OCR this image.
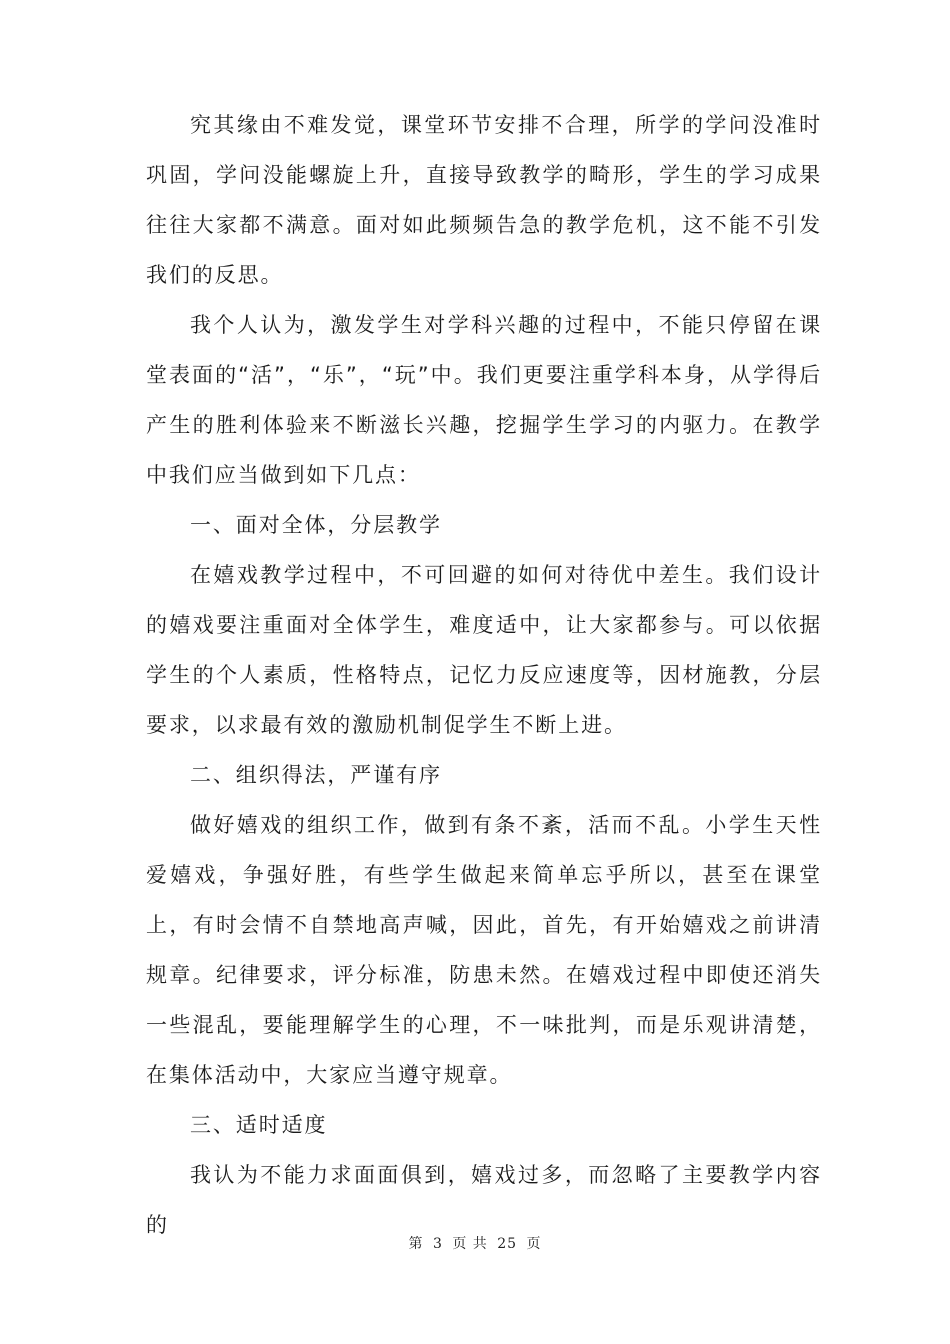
究其缘由不难发觉，课堂环节安排不合理，所学的学问没准时巩固，学问没能螺旋上升，直接导致教学的畸形，学生的学习成果往往大家都不满意。面对如此频频告急的教学危机，这不能不引发我们的反思。

我个人认为，激发学生对学科兴趣的过程中，不能只停留在课堂表面的“活”，“乐”，“玩”中。我们更要注重学科本身，从学得后产生的胜利体验来不断滋长兴趣，挖掘学生学习的内驱力。在教学中我们应当做到如下几点：

一、面对全体，分层教学

在嬉戏教学过程中，不可回避的如何对待优中差生。我们设计的嬉戏要注重面对全体学生，难度适中，让大家都参与。可以依据学生的个人素质，性格特点，记忆力反应速度等，因材施教，分层要求，以求最有效的激励机制促学生不断上进。

二、组织得法，严谨有序

做好嬉戏的组织工作，做到有条不紊，活而不乱。小学生天性爱嬉戏，争强好胜，有些学生做起来简单忘乎所以，甚至在课堂上，有时会情不自禁地高声喊，因此，首先，有开始嬉戏之前讲清规章。纪律要求，评分标准，防患未然。在嬉戏过程中即使还消失一些混乱，要能理解学生的心理，不一味批判，而是乐观讲清楚，在集体活动中，大家应当遵守规章。

三、适时适度

我认为不能力求面面俱到，嬉戏过多，而忽略了主要教学内容的

第 3 页 共 25 页
